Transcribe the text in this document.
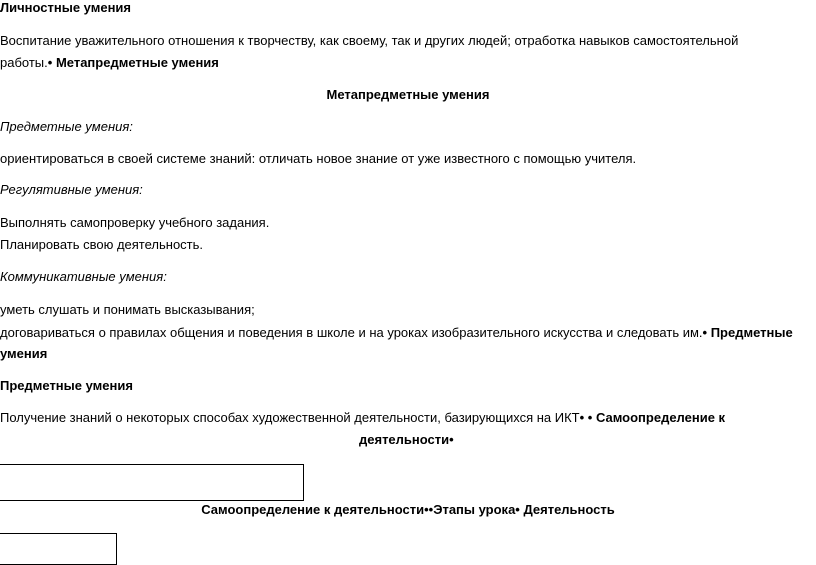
Личностные умения
Воспитание уважительного отношения к творчеству, как своему, так и других людей; отработка навыков самостоятельной
работы.• Метапредметные умения
Метапредметные умения
Предметные умения:
ориентироваться в своей системе знаний: отличать новое знание от уже известного с помощью учителя.
Регулятивные умения:
Выполнять самопроверку учебного задания.
Планировать свою деятельность.
Коммуникативные умения:
уметь слушать и понимать высказывания;
договариваться о правилах общения и поведения в школе и на уроках изобразительного искусства и следовать им.• Предметные
умения
Предметные умения
Получение знаний о некоторых способах художественной деятельности, базирующихся на ИКТ• • Самоопределение к
деятельности•
Самоопределение к деятельности••Этапы урока• Деятельность
